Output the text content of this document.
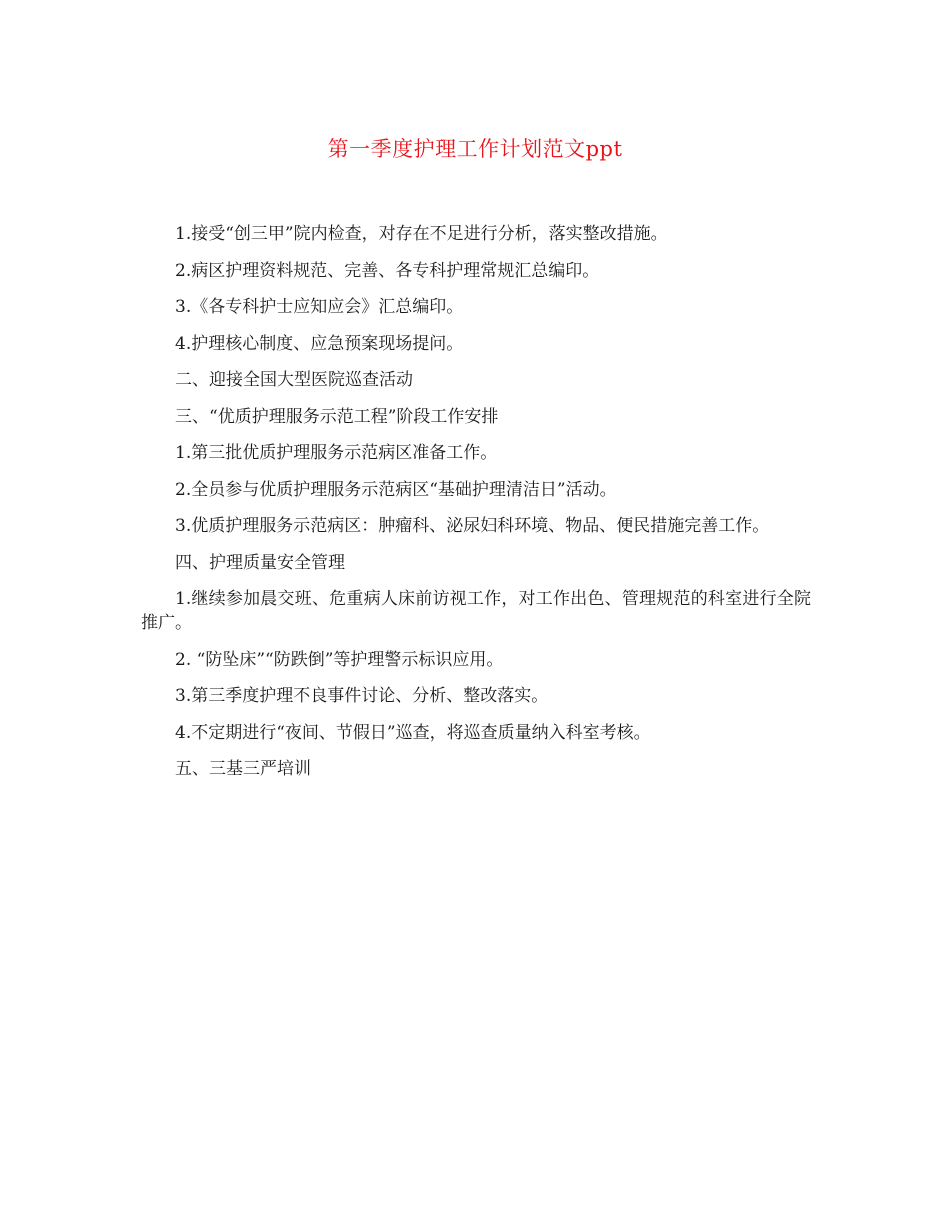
第一季度护理工作计划范文ppt

1.接受“创三甲”院内检查，对存在不足进行分析，落实整改措施。

2.病区护理资料规范、完善、各专科护理常规汇总编印。

3.《各专科护士应知应会》汇总编印。

4.护理核心制度、应急预案现场提问。

二、迎接全国大型医院巡查活动

三、“优质护理服务示范工程”阶段工作安排

1.第三批优质护理服务示范病区准备工作。

2.全员参与优质护理服务示范病区“基础护理清洁日”活动。

3.优质护理服务示范病区：肿瘤科、泌尿妇科环境、物品、便民措施完善工作。

四、护理质量安全管理

1.继续参加晨交班、危重病人床前访视工作，对工作出色、管理规范的科室进行全院推广。

2. “防坠床”“防跌倒”等护理警示标识应用。

3.第三季度护理不良事件讨论、分析、整改落实。

4.不定期进行“夜间、节假日”巡查，将巡查质量纳入科室考核。

五、三基三严培训
